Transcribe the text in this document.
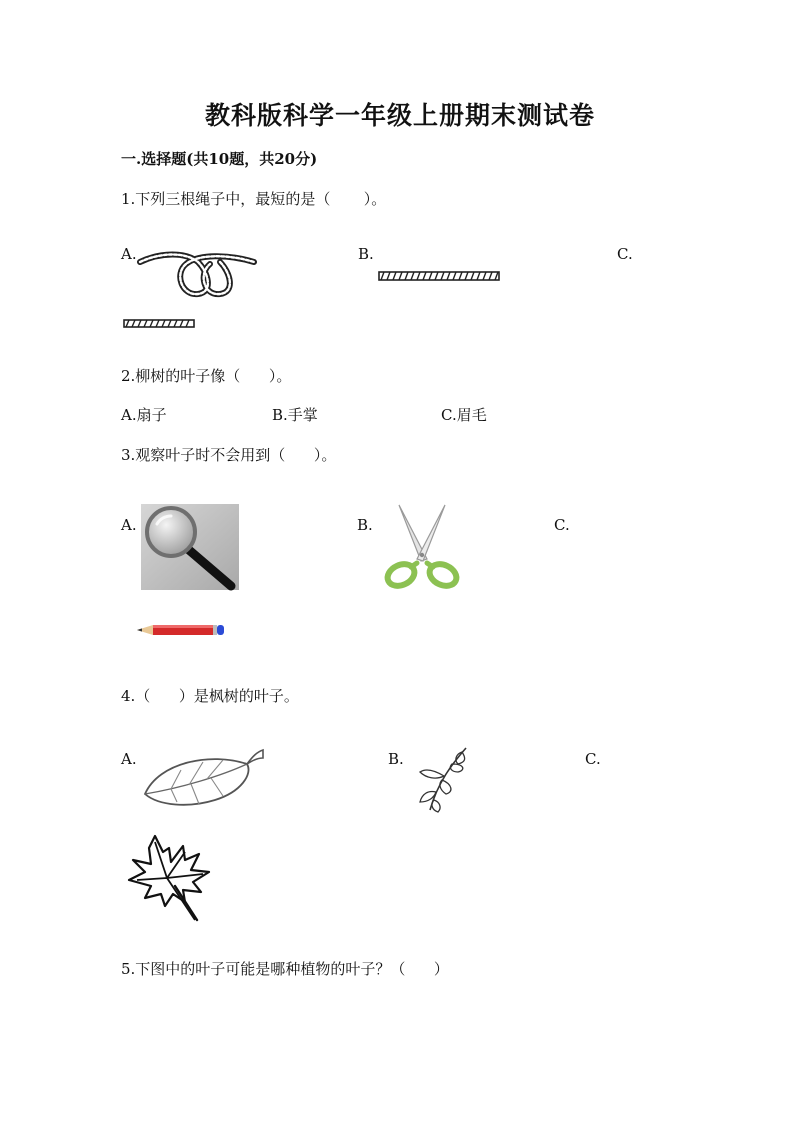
教科版科学一年级上册期末测试卷
一.选择题(共10题，共20分)
1.下列三根绳子中，最短的是（       ）。
A.	B.	C.
2.柳树的叶子像（      ）。
A.扇子	B.手掌	C.眉毛
3.观察叶子时不会用到（      ）。
A.	B.	C.
4.（      ）是枫树的叶子。
A.	B.	C.
5.下图中的叶子可能是哪种植物的叶子？（      ）
